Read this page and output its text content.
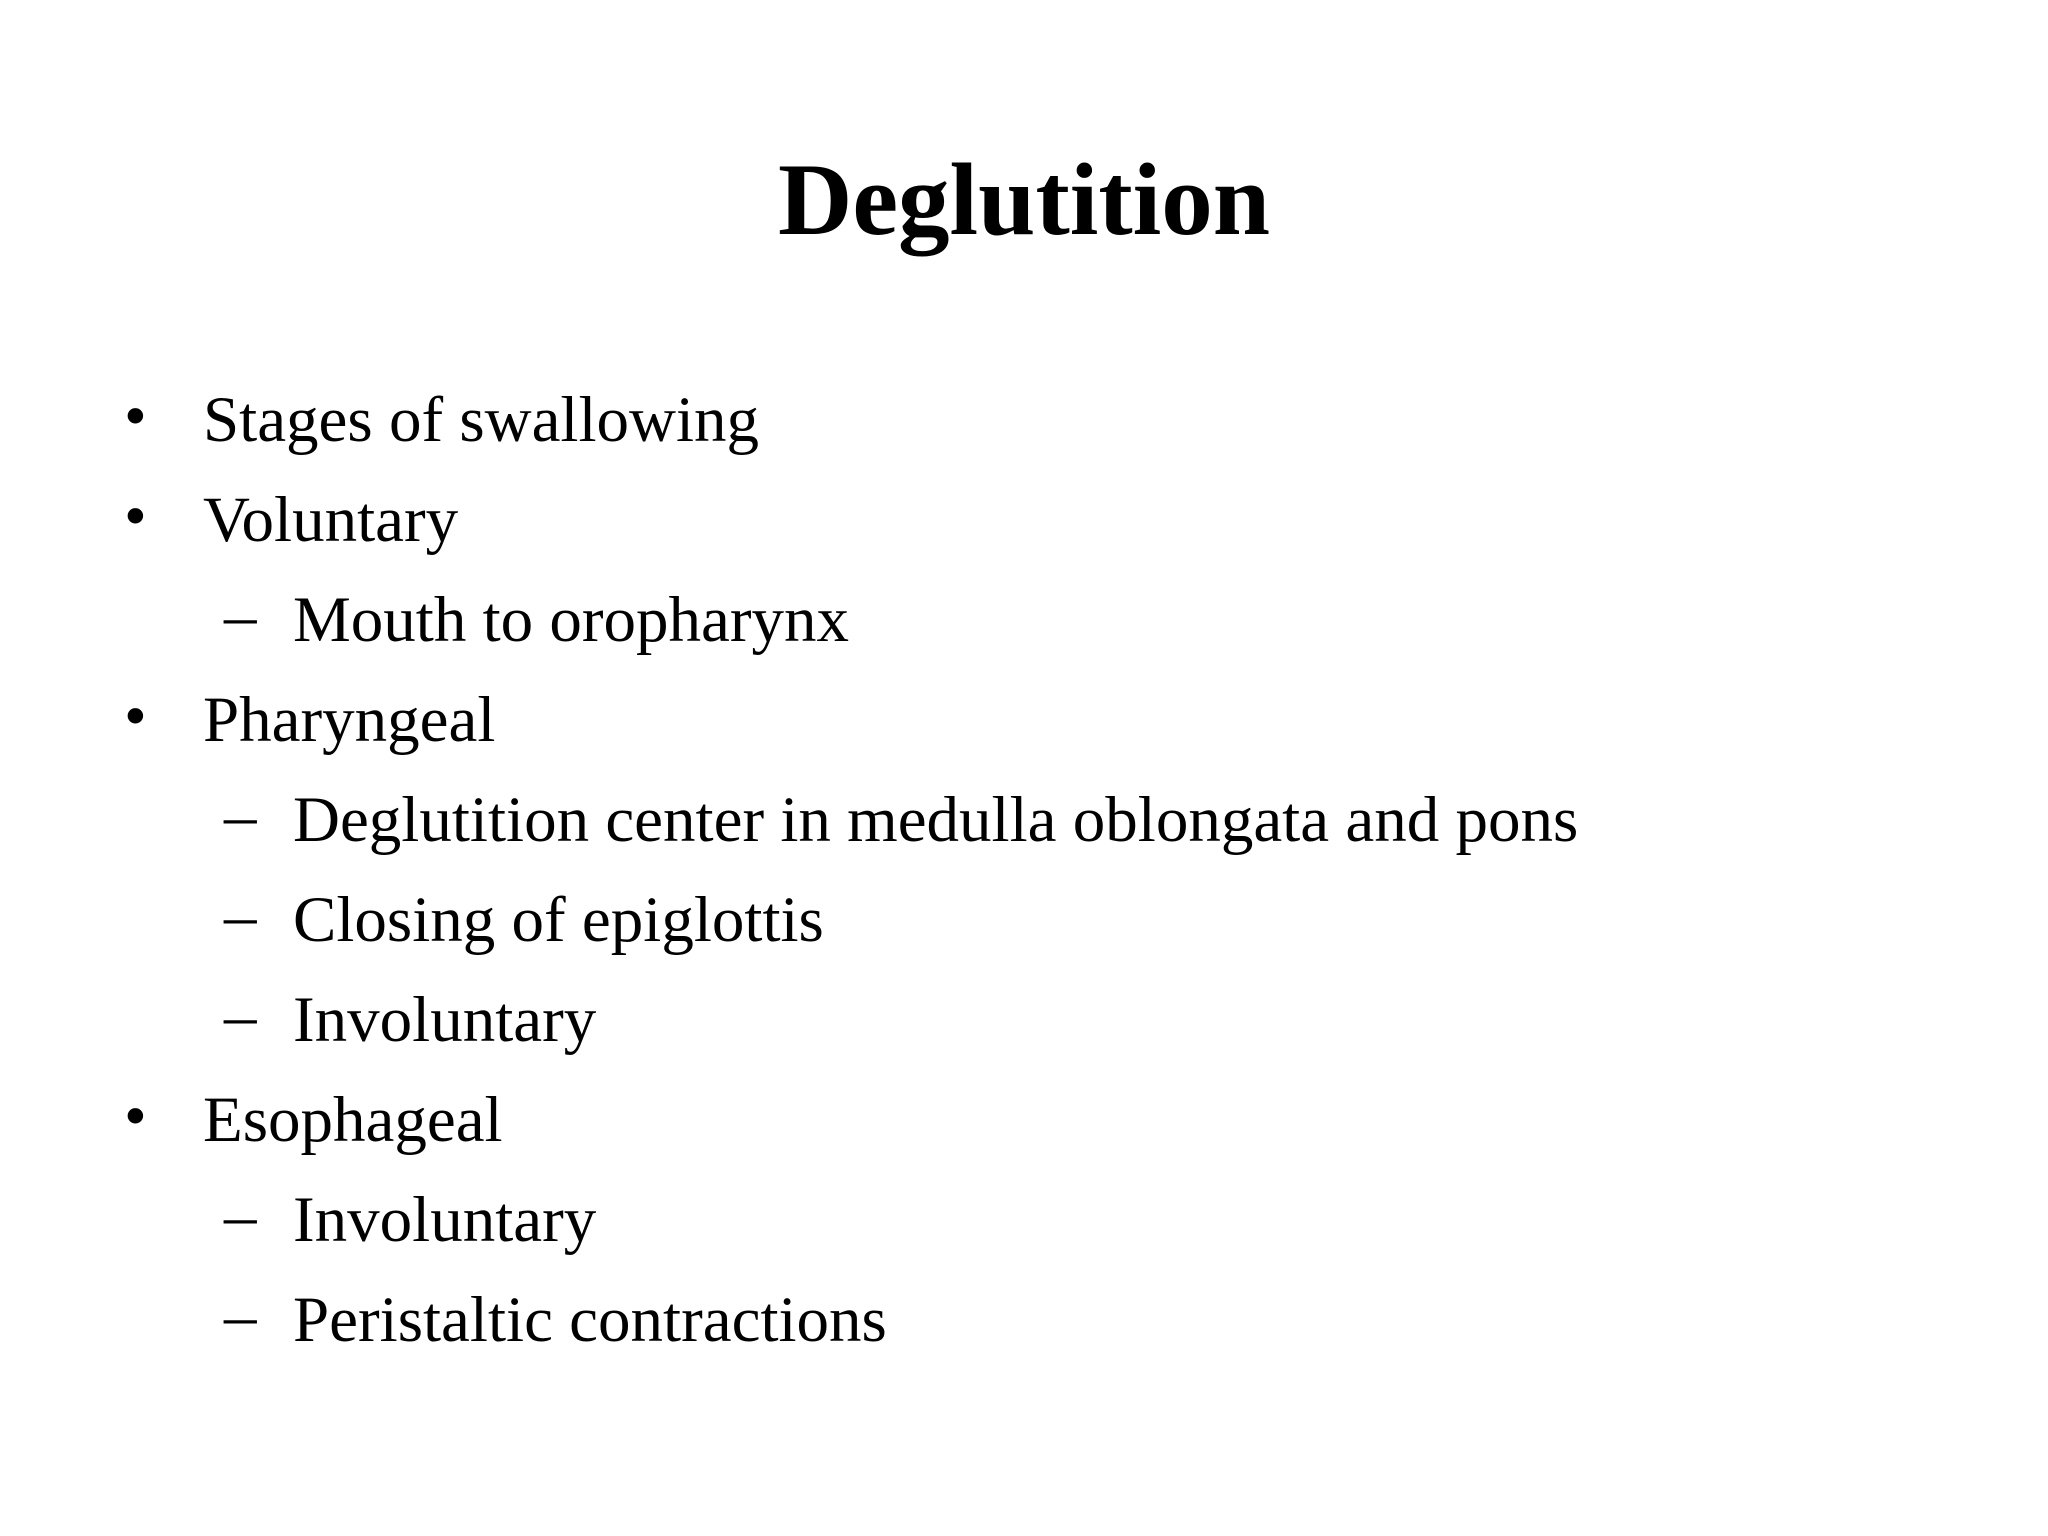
Deglutition
• Stages of swallowing
• Voluntary
– Mouth to oropharynx
• Pharyngeal
– Deglutition center in medulla oblongata and pons
– Closing of epiglottis
– Involuntary
• Esophageal
– Involuntary
– Peristaltic contractions
